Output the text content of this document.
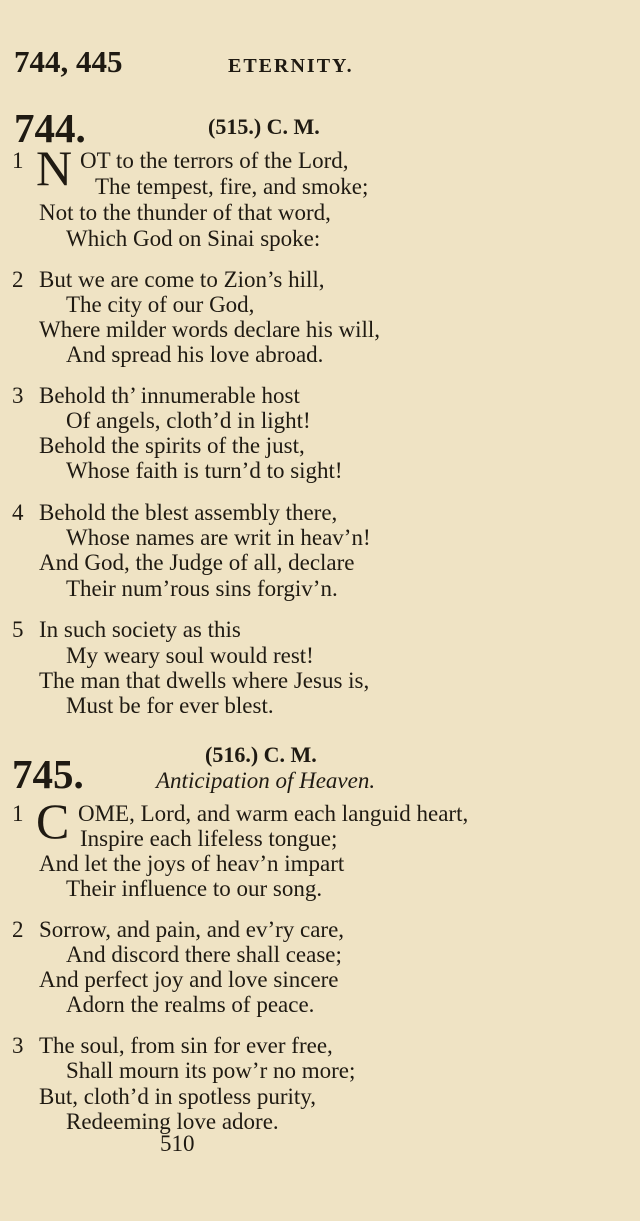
744, 445	ETERNITY.
744.	(515.) C. M.
1 N OT to the terrors of the Lord,
The tempest, fire, and smoke;
Not to the thunder of that word,
Which God on Sinai spoke:
2 But we are come to Zion’s hill,
The city of our God,
Where milder words declare his will,
And spread his love abroad.
3 Behold th’ innumerable host
Of angels, cloth’d in light!
Behold the spirits of the just,
Whose faith is turn’d to sight!
4 Behold the blest assembly there,
Whose names are writ in heav’n!
And God, the Judge of all, declare
Their num’rous sins forgiv’n.
5 In such society as this
My weary soul would rest!
The man that dwells where Jesus is,
Must be for ever blest.
745.	(516.) C. M.
Anticipation of Heaven.
1 C OME, Lord, and warm each languid heart,
Inspire each lifeless tongue;
And let the joys of heav’n impart
Their influence to our song.
2 Sorrow, and pain, and ev’ry care,
And discord there shall cease;
And perfect joy and love sincere
Adorn the realms of peace.
3 The soul, from sin for ever free,
Shall mourn its pow’r no more;
But, cloth’d in spotless purity,
Redeeming love adore.
510
